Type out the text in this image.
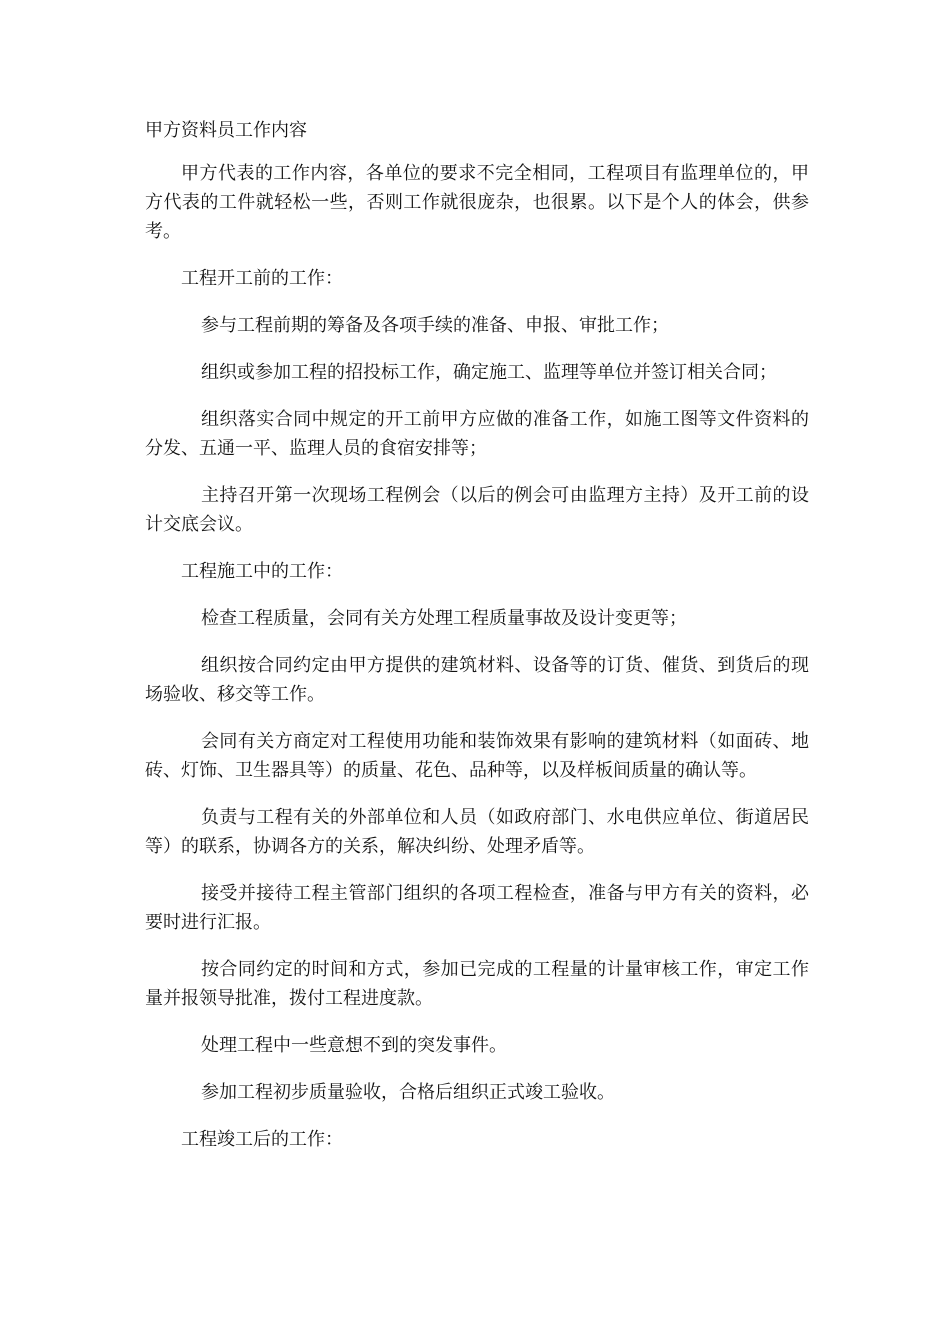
甲方资料员工作内容

甲方代表的工作内容，各单位的要求不完全相同，工程项目有监理单位的，甲方代表的工件就轻松一些，否则工作就很庞杂，也很累。以下是个人的体会，供参考。

工程开工前的工作：

参与工程前期的筹备及各项手续的准备、申报、审批工作；

组织或参加工程的招投标工作，确定施工、监理等单位并签订相关合同；

组织落实合同中规定的开工前甲方应做的准备工作，如施工图等文件资料的分发、五通一平、监理人员的食宿安排等；

主持召开第一次现场工程例会（以后的例会可由监理方主持）及开工前的设计交底会议。

工程施工中的工作：

检查工程质量，会同有关方处理工程质量事故及设计变更等；

组织按合同约定由甲方提供的建筑材料、设备等的订货、催货、到货后的现场验收、移交等工作。

会同有关方商定对工程使用功能和装饰效果有影响的建筑材料（如面砖、地砖、灯饰、卫生器具等）的质量、花色、品种等，以及样板间质量的确认等。

负责与工程有关的外部单位和人员（如政府部门、水电供应单位、街道居民等）的联系，协调各方的关系，解决纠纷、处理矛盾等。

接受并接待工程主管部门组织的各项工程检查，准备与甲方有关的资料，必要时进行汇报。

按合同约定的时间和方式，参加已完成的工程量的计量审核工作，审定工作量并报领导批准，拨付工程进度款。

处理工程中一些意想不到的突发事件。

参加工程初步质量验收，合格后组织正式竣工验收。

工程竣工后的工作：
